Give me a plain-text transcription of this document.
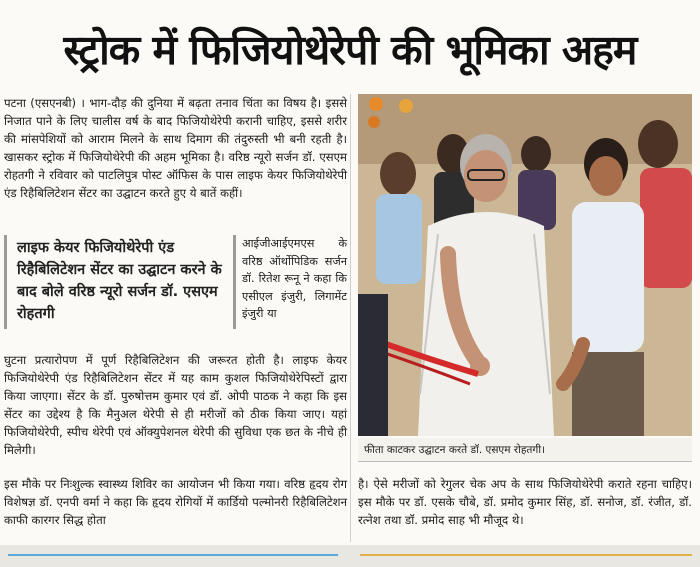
स्ट्रोक में फिजियोथेरेपी की भूमिका अहम

पटना (एसएनबी) । भाग-दौड़ की दुनिया में बढ़ता तनाव चिंता का विषय है। इससे निजात पाने के लिए चालीस वर्ष के बाद फिजियोथेरेपी करानी चाहिए, इससे शरीर की मांसपेशियों को आराम मिलने के साथ दिमाग की तंदुरुस्ती भी बनी रहती है। खासकर स्ट्रोक में फिजियोथेरेपी की अहम भूमिका है। वरिष्ठ न्यूरो सर्जन डॉ. एसएम रोहतगी ने रविवार को पाटलिपुत्र पोस्ट ऑफिस के पास लाइफ केयर फिजियोथेरेपी एंड रिहैबिलिटेशन सेंटर का उद्घाटन करते हुए ये बातें कहीं।

लाइफ केयर फिजियोथेरेपी एंड रिहैबिलिटेशन सेंटर का उद्घाटन करने के बाद बोले वरिष्ठ न्यूरो सर्जन डॉ. एसएम रोहतगी

आईजीआईएमएस के वरिष्ठ ऑर्थोपिडिक सर्जन डॉ. रितेश रूनू ने कहा कि एसीएल इंजुरी, लिगामेंट इंजुरी या

घुटना प्रत्यारोपण में पूर्ण रिहैबिलिटेशन की जरूरत होती है। लाइफ केयर फिजियोथेरेपी एंड रिहैबिलिटेशन सेंटर में यह काम कुशल फिजियोथेरेपिस्टों द्वारा किया जाएगा। सेंटर के डॉ. पुरुषोत्तम कुमार एवं डॉ. ओपी पाठक ने कहा कि इस सेंटर का उद्देश्य है कि मैनुअल थेरेपी से ही मरीजों को ठीक किया जाए। यहां फिजियोथेरेपी, स्पीच थेरेपी एवं ऑक्युपेशनल थेरेपी की सुविधा एक छत के नीचे ही मिलेगी।

इस मौके पर निःशुल्क स्वास्थ्य शिविर का आयोजन भी किया गया। वरिष्ठ हृदय रोग विशेषज्ञ डॉ. एनपी वर्मा ने कहा कि हृदय रोगियों में कार्डियो पल्मोनरी रिहैबिलिटेशन काफी कारगर सिद्ध होता

है। ऐसे मरीजों को रेगुलर चेक अप के साथ फिजियोथेरेपी कराते रहना चाहिए। इस मौके पर डॉ. एसके चौबे, डॉ. प्रमोद कुमार सिंह, डॉ. सनोज, डॉ. रंजीत, डॉ. रत्नेश तथा डॉ. प्रमोद साह भी मौजूद थे।

फीता काटकर उद्घाटन करते डॉ. एसएम रोहतगी।
